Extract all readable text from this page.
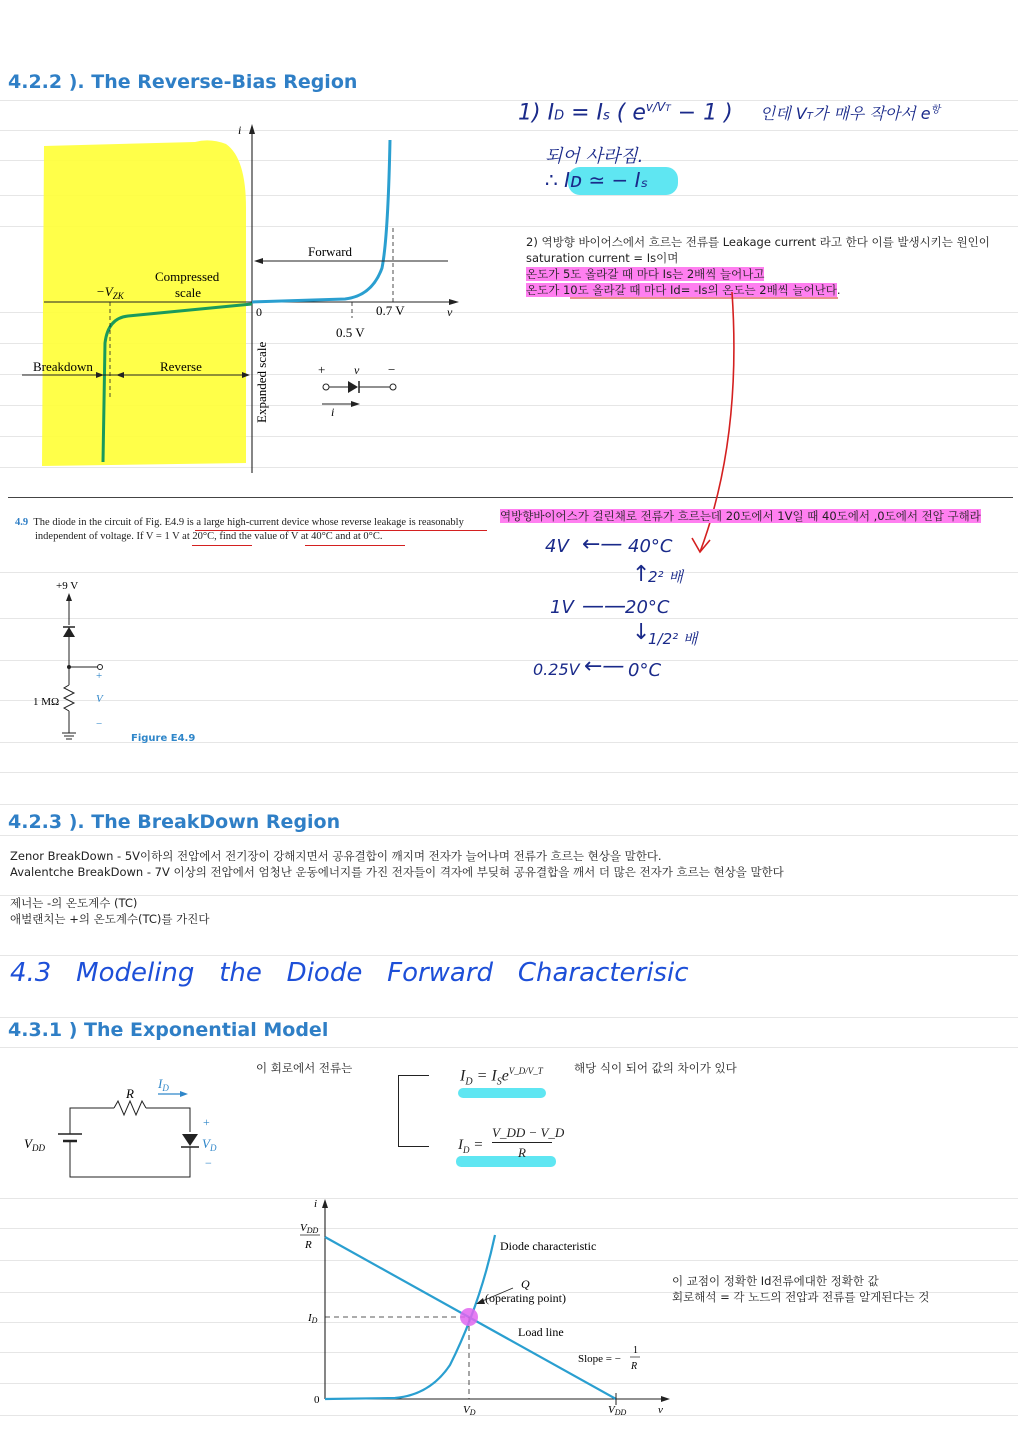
4.2.2 ). The Reverse-Bias Region
i
v
Forward
Compressed
scale
$-V_{ZK}$
0	0.7 V
0.5 V
Breakdown	Reverse	Expanded scale	+ v −
i
1) ID = Is ( $e^{v/VT} - 1$ ) 인데 VT가 매우 작아서 $e^항$
되어 사라짐.
∴ Iᴅ ≃ − Iₛ
2) 역방향 바이어스에서 흐르는 전류를 Leakage current 라고 한다 이를 발생시키는 원인이
saturation current = Is이며
온도가 5도 올라갈 때 마다 Is는 2배씩 늘어나고
온도가 10도 올라갈 때 마다 Id= -Is의 온도는 2배씩 늘어난다.
4.9 The diode in the circuit of Fig. E4.9 is a large high-current device whose reverse leakage is reasonably
independent of voltage. If V = 1 V at 20°C, find the value of V at 40°C and at 0°C.
+9 V
1 MΩ
+
V
−
Figure E4.9
역방향바이어스가 걸린채로 전류가 흐르는데 20도에서 1V일 때 40도에서 ,0도에서 전압 구해라
4V ←— 40°C
↑
2² 배
1V —— 20°C
↓
1/2² 배
0.25V ←— 0°C
4.2.3 ). The BreakDown Region
Zenor BreakDown - 5V이하의 전압에서 전기장이 강해지면서 공유결합이 깨지며 전자가 늘어나며 전류가 흐르는 현상을 말한다.
Avalentche BreakDown - 7V 이상의 전압에서 엄청난 운동에너지를 가진 전자들이 격자에 부딪혀 공유결합을 깨서 더 많은 전자가 흐르는 현상을 말한다
제너는 -의 온도계수 (TC)
애벌랜치는 +의 온도계수(TC)를 가진다
4.3   Modeling   the   Diode   Forward   Characterisic
4.3.1 ) The Exponential Model
R
$I_D$
$V_{DD}$
+
$V_D$
−
이 회로에서 전류는	$I_D = I_Se^{V\_D/V\_T}$
$I_D$ =
V_DD − V_D
R
해당 식이 되어 값의 차이가 있다
i
v
VDD
R
ID
0
VD	VDD
Diode characteristic
Q
(operating point)
Load line
Slope = −
1
R
이 교점이 정확한 Id전류에대한 정확한 값
회로해석 = 각 노드의 전압과 전류를 알게된다는 것
